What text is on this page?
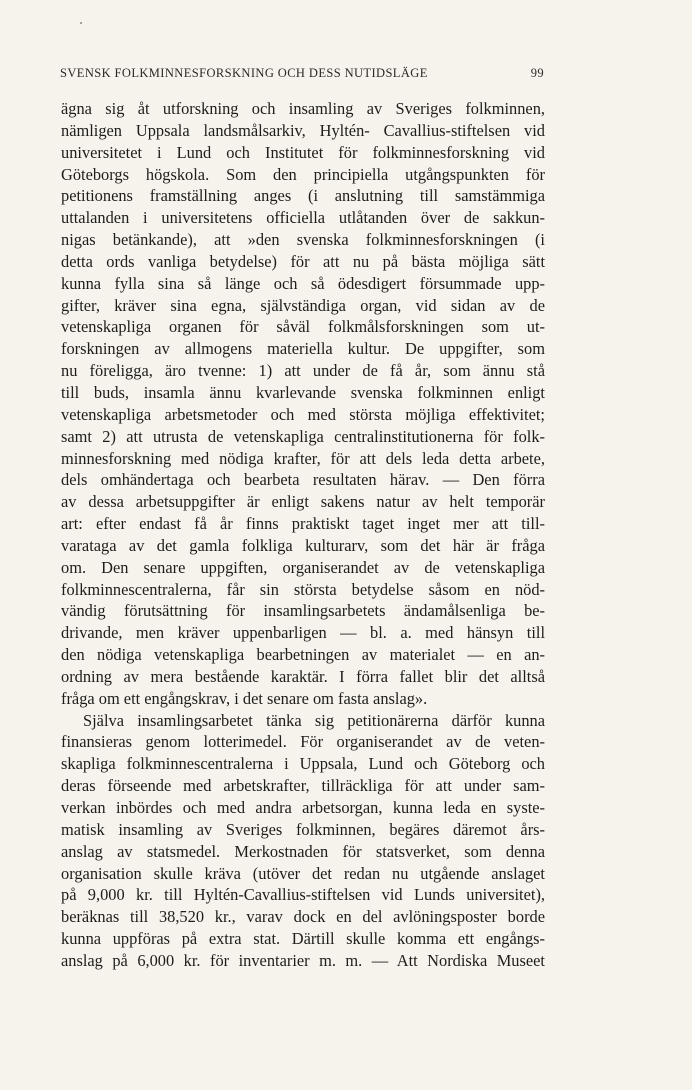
SVENSK FOLKMINNESFORSKNING OCH DESS NUTIDSLÄGE	99
ägna sig åt utforskning och insamling av Sveriges folkminnen,
nämligen Uppsala landsmålsarkiv, Hyltén- Cavallius-stiftelsen vid
universitetet i Lund och Institutet för folkminnesforskning vid
Göteborgs högskola. Som den principiella utgångspunkten för
petitionens framställning anges (i anslutning till samstämmiga
uttalanden i universitetens officiella utlåtanden över de sakkun-
nigas betänkande), att »den svenska folkminnesforskningen (i
detta ords vanliga betydelse) för att nu på bästa möjliga sätt
kunna fylla sina så länge och så ödesdigert försummade upp-
gifter, kräver sina egna, självständiga organ, vid sidan av de
vetenskapliga organen för såväl folkmålsforskningen som ut-
forskningen av allmogens materiella kultur. De uppgifter, som
nu föreligga, äro tvenne: 1) att under de få år, som ännu stå
till buds, insamla ännu kvarlevande svenska folkminnen enligt
vetenskapliga arbetsmetoder och med största möjliga effektivitet;
samt 2) att utrusta de vetenskapliga centralinstitutionerna för folk-
minnesforskning med nödiga krafter, för att dels leda detta arbete,
dels omhändertaga och bearbeta resultaten härav. — Den förra
av dessa arbetsuppgifter är enligt sakens natur av helt temporär
art: efter endast få år finns praktiskt taget inget mer att till-
varataga av det gamla folkliga kulturarv, som det här är fråga
om. Den senare uppgiften, organiserandet av de vetenskapliga
folkminnescentralerna, får sin största betydelse såsom en nöd-
vändig förutsättning för insamlingsarbetets ändamålsenliga be-
drivande, men kräver uppenbarligen — bl. a. med hänsyn till
den nödiga vetenskapliga bearbetningen av materialet — en an-
ordning av mera bestående karaktär. I förra fallet blir det alltså
fråga om ett engångskrav, i det senare om fasta anslag».
Själva insamlingsarbetet tänka sig petitionärerna därför kunna
finansieras genom lotterimedel. För organiserandet av de veten-
skapliga folkminnescentralerna i Uppsala, Lund och Göteborg och
deras förseende med arbetskrafter, tillräckliga för att under sam-
verkan inbördes och med andra arbetsorgan, kunna leda en syste-
matisk insamling av Sveriges folkminnen, begäres däremot års-
anslag av statsmedel. Merkostnaden för statsverket, som denna
organisation skulle kräva (utöver det redan nu utgående anslaget
på 9,000 kr. till Hyltén-Cavallius-stiftelsen vid Lunds universitet),
beräknas till 38,520 kr., varav dock en del avlöningsposter borde
kunna uppföras på extra stat. Därtill skulle komma ett engångs-
anslag på 6,000 kr. för inventarier m. m. — Att Nordiska Museet
